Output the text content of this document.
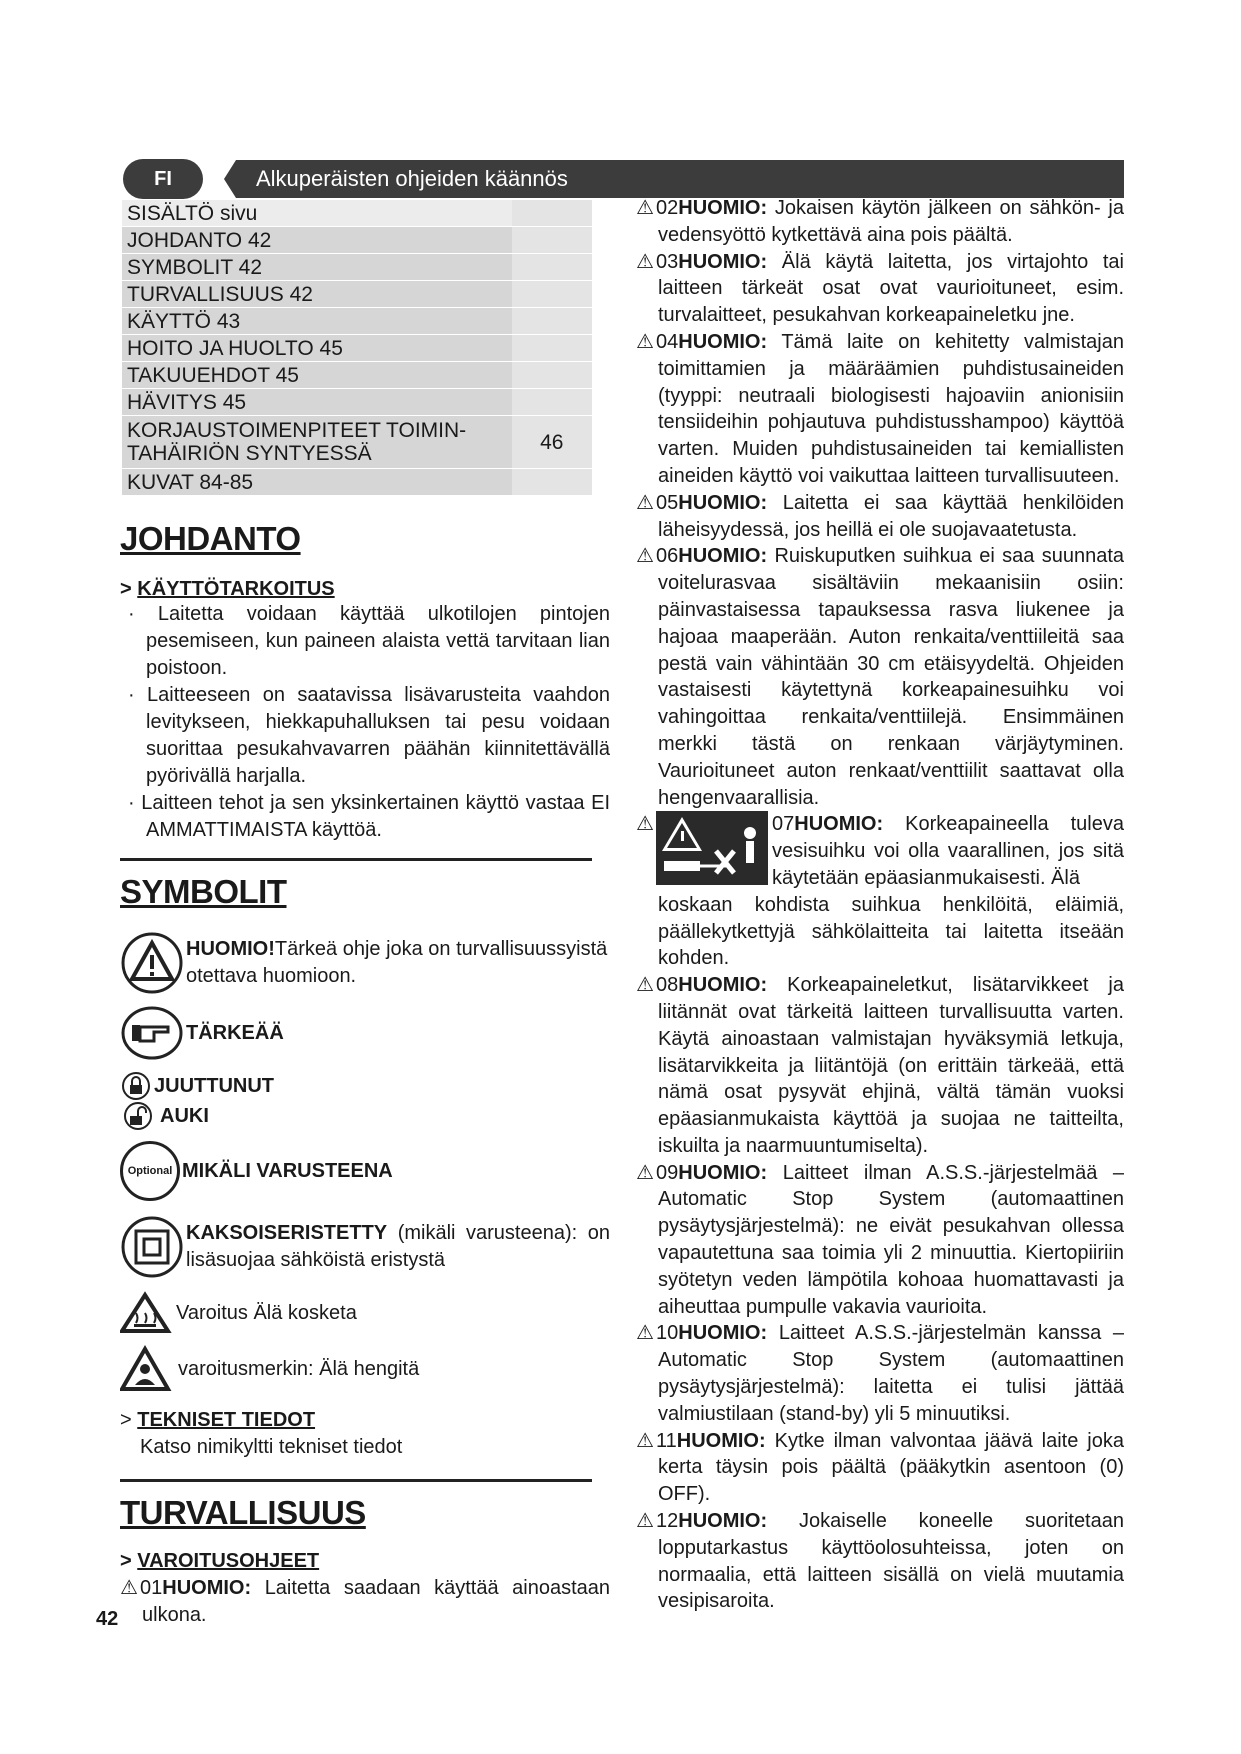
FI	Alkuperäisten ohjeiden käännös
SISÄLTÖ sivu	
JOHDANTO 42	
SYMBOLIT 42	
TURVALLISUUS 42	
KÄYTTÖ 43	
HOITO JA HUOLTO 45	
TAKUUEHDOT 45	
HÄVITYS 45	
KORJAUSTOIMENPITEET TOIMIN-
TAHÄIRIÖN SYNTYESSÄ	46
KUVAT 84-85	
JOHDANTO
> KÄYTTÖTARKOITUS
· Laitetta voidaan käyttää ulkotilojen pintojen pesemiseen, kun paineen alaista vettä tarvitaan lian poistoon.
· Laitteeseen on saatavissa lisävarusteita vaahdon levitykseen, hiekkapuhalluksen tai pesu voidaan suorittaa pesukahvavarren päähän kiinnitettävällä pyörivällä harjalla.
· Laitteen tehot ja sen yksinkertainen käyttö vastaa EI AMMATTIMAISTA käyttöä.
SYMBOLIT
HUOMIO!Tärkeä ohje joka on turvallisuussyistä otettava huomioon.
TÄRKEÄÄ
JUUTTUNUT
AUKI
Optional MIKÄLI VARUSTEENA
KAKSOISERISTETTY (mikäli varusteena): on lisäsuojaa sähköistä eristystä
Varoitus Älä kosketa
varoitusmerkin: Älä hengitä
> TEKNISET TIEDOT
Katso nimikyltti tekniset tiedot
TURVALLISUUS
> VAROITUSOHJEET
⚠ 01HUOMIO: Laitetta saadaan käyttää ainoastaan ulkona.
42

⚠ 02HUOMIO: Jokaisen käytön jälkeen on sähkön- ja vedensyöttö kytkettävä aina pois päältä.

⚠ 03HUOMIO: Älä käytä laitetta, jos virtajohto tai laitteen tärkeät osat ovat vaurioituneet, esim. turvalaitteet, pesukahvan korkeapaineletku jne.

⚠ 04HUOMIO: Tämä laite on kehitetty valmistajan toimittamien ja määräämien puhdistusaineiden (tyyppi: neutraali biologisesti hajoaviin anionisiin tensiideihin pohjautuva puhdistusshampoo) käyttöä varten. Muiden puhdistusaineiden tai kemiallisten aineiden käyttö voi vaikuttaa laitteen turvallisuuteen.

⚠ 05HUOMIO: Laitetta ei saa käyttää henkilöiden läheisyydessä, jos heillä ei ole suojavaatetusta.

⚠ 06HUOMIO: Ruiskuputken suihkua ei saa suunnata voitelurasvaa sisältäviin mekaanisiin osiin: päinvastaisessa tapauksessa rasva liukenee ja hajoaa maaperään. Auton renkaita/venttiileitä saa pestä vain vähintään 30 cm etäisyydeltä. Ohjeiden vastaisesti käytettynä korkeapainesuihku voi vahingoittaa renkaita/venttiilejä. Ensimmäinen merkki tästä on renkaan värjäytyminen. Vaurioituneet auton renkaat/venttiilit saattavat olla hengenvaarallisia.

⚠	07HUOMIO: Korkeapaineella tuleva vesisuihku voi olla vaarallinen, jos sitä käytetään epäasianmukaisesti. Älä

koskaan kohdista suihkua henkilöitä, eläimiä, päällekytkettyjä sähkölaitteita tai laitetta itseään kohden.

⚠ 08HUOMIO: Korkeapaineletkut, lisätarvikkeet ja liitännät ovat tärkeitä laitteen turvallisuutta varten. Käytä ainoastaan valmistajan hyväksymiä letkuja, lisätarvikkeita ja liitäntöjä (on erittäin tärkeää, että nämä osat pysyvät ehjinä, vältä tämän vuoksi epäasianmukaista käyttöä ja suojaa ne taitteilta, iskuilta ja naarmuuntumiselta).

⚠ 09HUOMIO: Laitteet ilman A.S.S.-järjestelmää – Automatic Stop System (automaattinen pysäytysjärjestelmä): ne eivät pesukahvan ollessa vapautettuna saa toimia yli 2 minuuttia. Kiertopiiriin syötetyn veden lämpötila kohoaa huomattavasti ja aiheuttaa pumpulle vakavia vaurioita.

⚠ 10HUOMIO: Laitteet A.S.S.-järjestelmän kanssa – Automatic Stop System (automaattinen pysäytysjärjestelmä): laitetta ei tulisi jättää valmiustilaan (stand-by) yli 5 minuutiksi.

⚠ 11HUOMIO: Kytke ilman valvontaa jäävä laite joka kerta täysin pois päältä (pääkytkin asentoon (0) OFF).

⚠ 12HUOMIO: Jokaiselle koneelle suoritetaan lopputarkastus käyttöolosuhteissa, joten on normaalia, että laitteen sisällä on vielä muutamia vesipisaroita.
